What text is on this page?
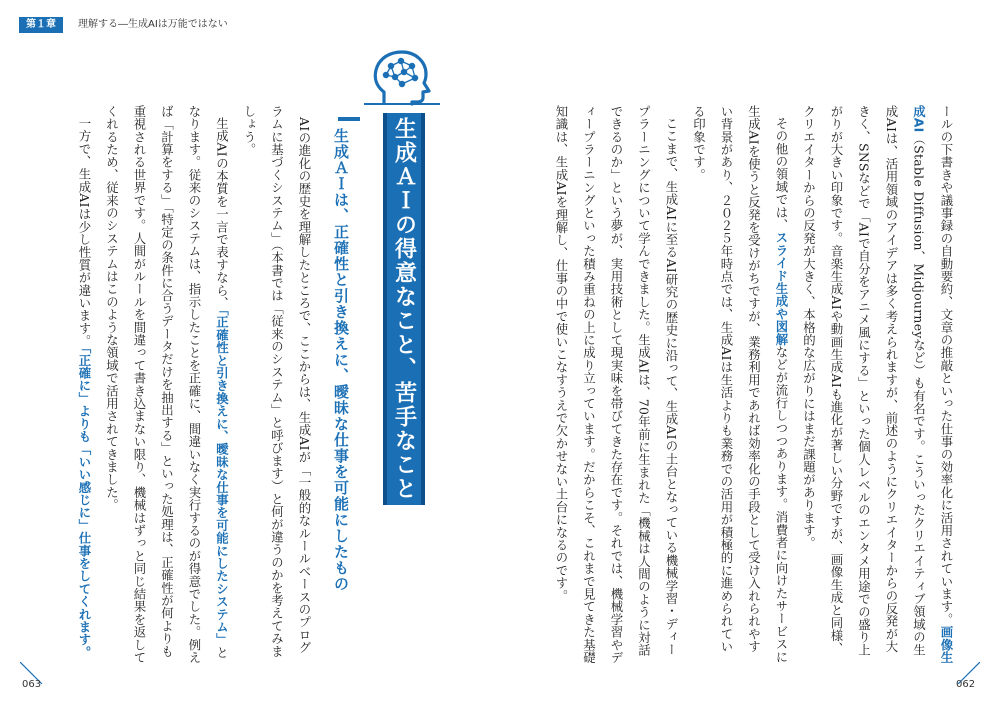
第１章	理解する―生成AIは万能ではない

ールの下書きや議事録の自動要約、文章の推敲といった仕事の効率化に活用されています。画像生成AI（Stable Diffusion、Midjourneyなど）も有名です。こういったクリエイティブ領域の生成AIは、活用領域のアイデアは多く考えられますが、前述のようにクリエイターからの反発が大きく、SNSなどで「AIで自分をアニメ風にする」といった個人レベルのエンタメ用途での盛り上がりが大きい印象です。音楽生成AIや動画生成AIも進化が著しい分野ですが、画像生成と同様、クリエイターからの反発が大きく、本格的な広がりにはまだ課題があります。

その他の領域では、スライド生成や図解などが流行しつつあります。消費者に向けたサービスに生成AIを使うと反発を受けがちですが、業務利用であれば効率化の手段として受け入れられやすい背景があり、２０２５年時点では、生成AIは生活よりも業務での活用が積極的に進められている印象です。

ここまで、生成AIに至るAI研究の歴史に沿って、生成AIの土台となっている機械学習・ディープラーニングについて学んできました。生成AIは、70年前に生まれた「機械は人間のように対話できるのか」という夢が、実用技術として現実味を帯びてきた存在です。それでは、機械学習やディープラーニングといった積み重ねの上に成り立っています。だからこそ、これまで見てきた基礎知識は、生成AIを理解し、仕事の中で使いこなすうえで欠かせない土台になるのです。

生成ＡＩの得意なこと、苦手なこと
生成ＡＩは、正確性と引き換えに、曖昧な仕事を可能にしたもの

AIの進化の歴史を理解したところで、ここからは、生成AIが「一般的なルールベースのプログラムに基づくシステム」（本書では「従来のシステム」と呼びます）と何が違うのかを考えてみましょう。

生成AIの本質を一言で表すなら、「正確性と引き換えに、曖昧な仕事を可能にしたシステム」となります。従来のシステムは、指示したことを正確に、間違いなく実行するのが得意でした。例えば「計算をする」「特定の条件に合うデータだけを抽出する」といった処理は、正確性が何よりも重視される世界です。人間がルールを間違って書き込まない限り、機械はずっと同じ結果を返してくれるため、従来のシステムはこのような領域で活用されてきました。

一方で、生成AIは少し性質が違います。「正確に」よりも「いい感じに」仕事をしてくれます。

063	062
